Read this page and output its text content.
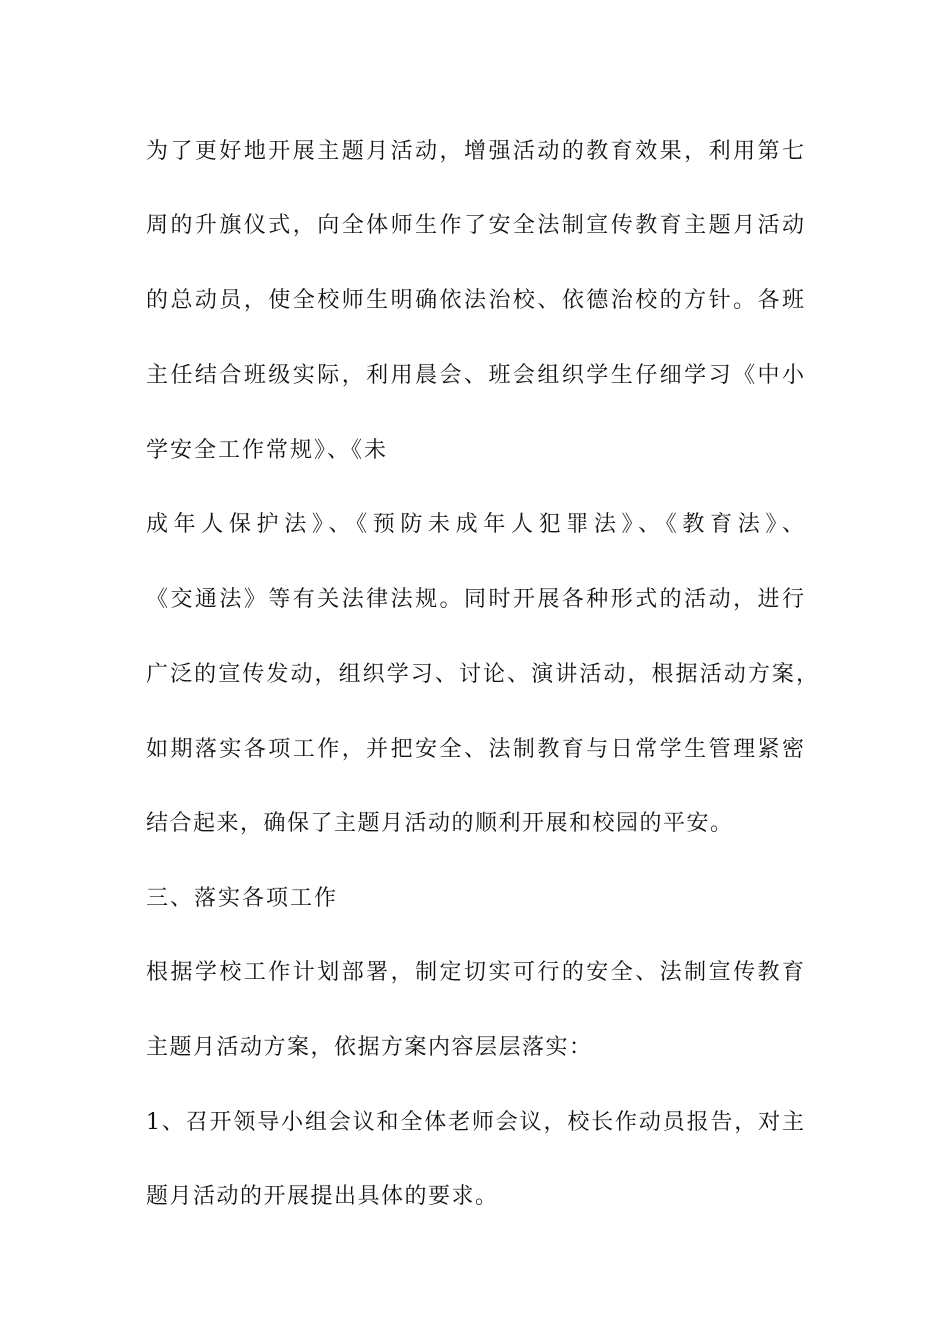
为了更好地开展主题月活动，增强活动的教育效果，利用第七

周的升旗仪式，向全体师生作了安全法制宣传教育主题月活动

的总动员，使全校师生明确依法治校、依德治校的方针。各班

主任结合班级实际，利用晨会、班会组织学生仔细学习《中小

学安全工作常规》、《未

成年人保护法》、《预防未成年人犯罪法》、《教育法》、

《交通法》等有关法律法规。同时开展各种形式的活动，进行

广泛的宣传发动，组织学习、讨论、演讲活动，根据活动方案，

如期落实各项工作，并把安全、法制教育与日常学生管理紧密

结合起来，确保了主题月活动的顺利开展和校园的平安。

三、落实各项工作

根据学校工作计划部署，制定切实可行的安全、法制宣传教育

主题月活动方案，依据方案内容层层落实：

1、召开领导小组会议和全体老师会议，校长作动员报告，对主

题月活动的开展提出具体的要求。
